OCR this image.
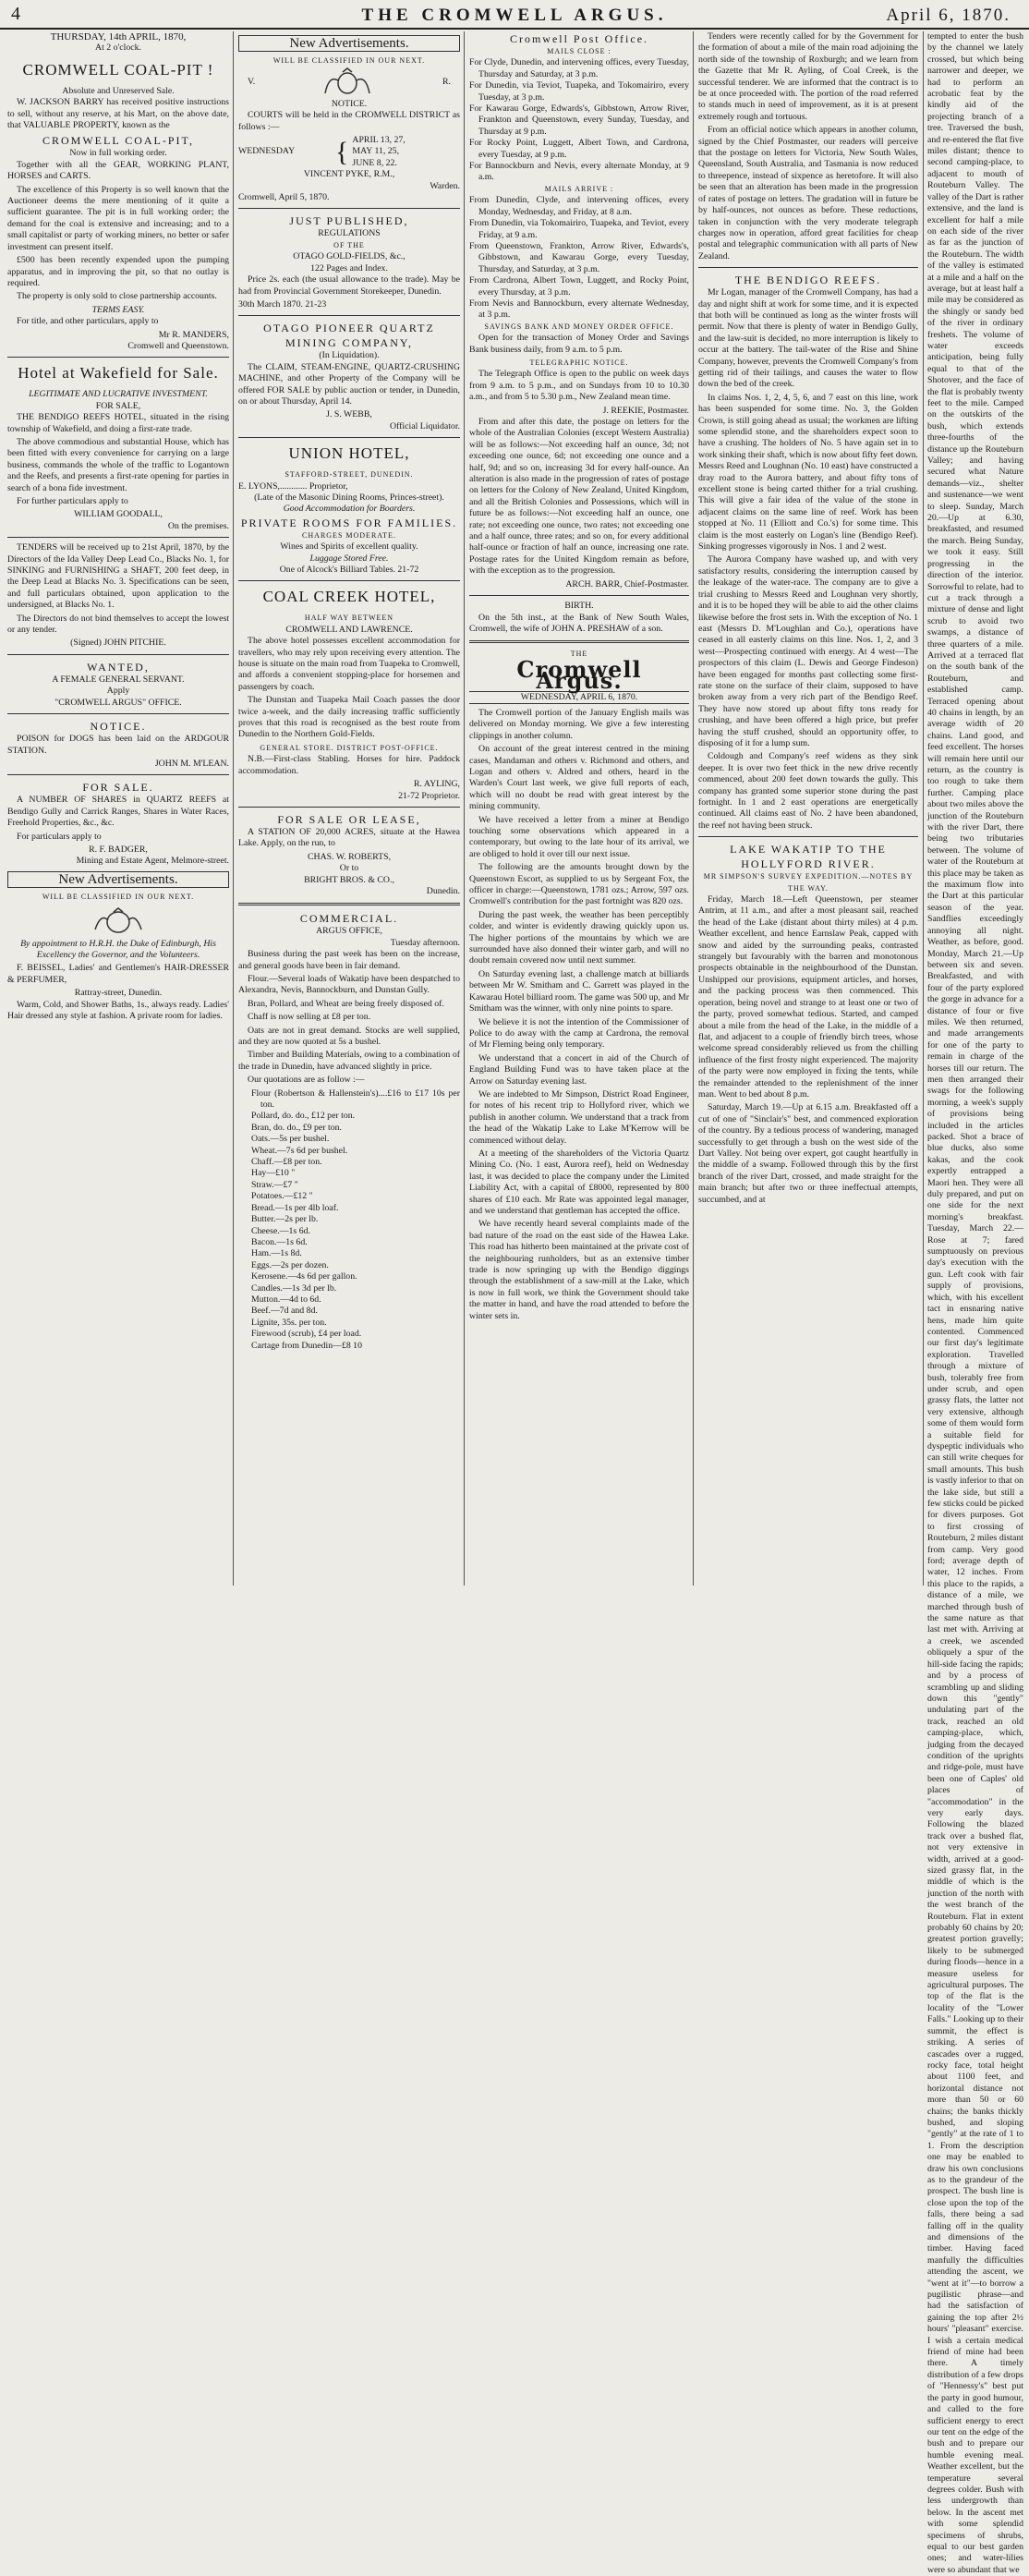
4	THE CROMWELL ARGUS.	April 6, 1870.
THURSDAY, 14th APRIL, 1870,
At 2 o'clock.
CROMWELL COAL-PIT !
Absolute and Unreserved Sale.

W. JACKSON BARRY has received positive instructions to sell, without any reserve, at his Mart, on the above date, that VALUABLE PROPERTY, known as the

CROMWELL COAL-PIT,
Now in full working order.

Together with all the GEAR, WORKING PLANT, HORSES and CARTS.

The excellence of this Property is so well known that the Auctioneer deems the mere mentioning of it quite a sufficient guarantee. The pit is in full working order; the demand for the coal is extensive and increasing; and to a small capitalist or party of working miners, no better or safer investment can present itself.

£500 has been recently expended upon the pumping apparatus, and in improving the pit, so that no outlay is required.

The property is only sold to close partnership accounts.

TERMS EASY.

For title, and other particulars, apply to

Mr R. MANDERS,
Cromwell and Queenstown.
Hotel at Wakefield for Sale.
LEGITIMATE AND LUCRATIVE INVESTMENT.
FOR SALE,

THE BENDIGO REEFS HOTEL, situated in the rising township of Wakefield, and doing a first-rate trade.

The above commodious and substantial House, which has been fitted with every convenience for carrying on a large business, commands the whole of the traffic to Logantown and the Reefs, and presents a first-rate opening for parties in search of a bona fide investment.

For further particulars apply to

WILLIAM GOODALL,
On the premises.

TENDERS will be received up to 21st April, 1870, by the Directors of the Ida Valley Deep Lead Co., Blacks No. 1, for SINKING and FURNISHING a SHAFT, 200 feet deep, in the Deep Lead at Blacks No. 3. Specifications can be seen, and full particulars obtained, upon application to the undersigned, at Blacks No. 1.

The Directors do not bind themselves to accept the lowest or any tender.

(Signed) JOHN PITCHIE.
WANTED,
A FEMALE GENERAL SERVANT.
Apply
"CROMWELL ARGUS" OFFICE.
NOTICE.

POISON for DOGS has been laid on the ARDGOUR STATION.

JOHN M. M'LEAN.
FOR SALE.

A NUMBER OF SHARES in QUARTZ REEFS at Bendigo Gully and Carrick Ranges, Shares in Water Races, Freehold Properties, &c., &c.

For particulars apply to

R. F. BADGER,
Mining and Estate Agent, Melmore-street.
New Advertisements.
WILL BE CLASSIFIED IN OUR NEXT.

By appointment to H.R.H. the Duke of Edinburgh, His Excellency the Governor, and the Volunteers.

F. BEISSEL, Ladies' and Gentlemen's HAIR-DRESSER & PERFUMER,

Rattray-street, Dunedin.

Warm, Cold, and Shower Baths, 1s., always ready. Ladies' Hair dressed any style at fashion. A private room for ladies.

New Advertisements.
WILL BE CLASSIFIED IN OUR NEXT.
V.	R.
NOTICE.

COURTS will be held in the CROMWELL DISTRICT as follows :—

WEDNESDAY	{ APRIL 13, 27,
MAY 11, 25,
JUNE 8, 22.
VINCENT PYKE, R.M.,
Warden.
Cromwell, April 5, 1870.
JUST PUBLISHED,
REGULATIONS
OF THE
OTAGO GOLD-FIELDS, &c.,
122 Pages and Index.

Price 2s. each (the usual allowance to the trade). May be had from Provincial Government Storekeeper, Dunedin.

30th March 1870. 21-23
OTAGO PIONEER QUARTZ MINING COMPANY,
(In Liquidation).

The CLAIM, STEAM-ENGINE, QUARTZ-CRUSHING MACHINE, and other Property of the Company will be offered FOR SALE by public auction or tender, in Dunedin, on or about Thursday, April 14.

J. S. WEBB,
Official Liquidator.
UNION HOTEL,
STAFFORD-STREET, DUNEDIN.
E. LYONS,............ Proprietor,
(Late of the Masonic Dining Rooms, Princes-street).
Good Accommodation for Boarders.
PRIVATE ROOMS FOR FAMILIES.
CHARGES MODERATE.
Wines and Spirits of excellent quality.
Luggage Stored Free.
One of Alcock's Billiard Tables. 21-72
COAL CREEK HOTEL,
HALF WAY BETWEEN
CROMWELL AND LAWRENCE.

The above hotel possesses excellent accommodation for travellers, who may rely upon receiving every attention. The house is situate on the main road from Tuapeka to Cromwell, and affords a convenient stopping-place for horsemen and passengers by coach.

The Dunstan and Tuapeka Mail Coach passes the door twice a-week, and the daily increasing traffic sufficiently proves that this road is recognised as the best route from Dunedin to the Northern Gold-Fields.

GENERAL STORE. DISTRICT POST-OFFICE.

N.B.—First-class Stabling. Horses for hire. Paddock accommodation.

R. AYLING,
21-72 Proprietor.
FOR SALE OR LEASE,

A STATION OF 20,000 ACRES, situate at the Hawea Lake. Apply, on the run, to

CHAS. W. ROBERTS,
Or to
BRIGHT BROS. & CO.,
Dunedin.
COMMERCIAL.
ARGUS OFFICE,
Tuesday afternoon.

Business during the past week has been on the increase, and general goods have been in fair demand.

Flour.—Several loads of Wakatip have been despatched to Alexandra, Nevis, Bannockburn, and Dunstan Gully.

Bran, Pollard, and Wheat are being freely disposed of.

Chaff is now selling at £8 per ton.

Oats are not in great demand. Stocks are well supplied, and they are now quoted at 5s a bushel.

Timber and Building Materials, owing to a combination of the trade in Dunedin, have advanced slightly in price.

Our quotations are as follow :—

Flour (Robertson & Hallenstein's)....£16 to £17 10s per ton.
Pollard, do. do., £12 per ton.
Bran, do. do., £9 per ton.
Oats.—5s per bushel.
Wheat.—7s 6d per bushel.
Chaff.—£8 per ton.
Hay—£10 "
Straw.—£7 "
Potatoes.—£12 "
Bread.—1s per 4lb loaf.
Butter.—2s per lb.
Cheese.—1s 6d.
Bacon.—1s 6d.
Ham.—1s 8d.
Eggs.—2s per dozen.
Kerosene.—4s 6d per gallon.
Candles.—1s 3d per lb.
Mutton.—4d to 6d.
Beef.—7d and 8d.
Lignite, 35s. per ton.
Firewood (scrub), £4 per load.
Cartage from Dunedin—£8 10
Cromwell Post Office.
MAILS CLOSE :
For Clyde, Dunedin, and intervening offices, every Tuesday, Thursday and Saturday, at 3 p.m.
For Dunedin, via Teviot, Tuapeka, and Tokomairiro, every Tuesday, at 3 p.m.
For Kawarau Gorge, Edwards's, Gibbstown, Arrow River, Frankton and Queenstown, every Sunday, Tuesday, and Thursday at 9 p.m.
For Rocky Point, Luggett, Albert Town, and Cardrona, every Tuesday, at 9 p.m.
For Bannockburn and Nevis, every alternate Monday, at 9 a.m.
MAILS ARRIVE :
From Dunedin, Clyde, and intervening offices, every Monday, Wednesday, and Friday, at 8 a.m.
From Dunedin, via Tokomairiro, Tuapeka, and Teviot, every Friday, at 9 a.m.
From Queenstown, Frankton, Arrow River, Edwards's, Gibbstown, and Kawarau Gorge, every Tuesday, Thursday, and Saturday, at 3 p.m.
From Cardrona, Albert Town, Luggett, and Rocky Point, every Thursday, at 3 p.m.
From Nevis and Bannockburn, every alternate Wednesday, at 3 p.m.
SAVINGS BANK AND MONEY ORDER OFFICE.

Open for the transaction of Money Order and Savings Bank business daily, from 9 a.m. to 5 p.m.

TELEGRAPHIC NOTICE.

The Telegraph Office is open to the public on week days from 9 a.m. to 5 p.m., and on Sundays from 10 to 10.30 a.m., and from 5 to 5.30 p.m., New Zealand mean time.

J. REEKIE, Postmaster.

From and after this date, the postage on letters for the whole of the Australian Colonies (except Western Australia) will be as follows:—Not exceeding half an ounce, 3d; not exceeding one ounce, 6d; not exceeding one ounce and a half, 9d; and so on, increasing 3d for every half-ounce. An alteration is also made in the progression of rates of postage on letters for the Colony of New Zealand, United Kingdom, and all the British Colonies and Possessions, which will in future be as follows:—Not exceeding half an ounce, one rate; not exceeding one ounce, two rates; not exceeding one and a half ounce, three rates; and so on, for every additional half-ounce or fraction of half an ounce, increasing one rate. Postage rates for the United Kingdom remain as before, with the exception as to the progression.

ARCH. BARR, Chief-Postmaster.
BIRTH.

On the 5th inst., at the Bank of New South Wales, Cromwell, the wife of JOHN A. PRESHAW of a son.

THE
Cromwell Argus.
WEDNESDAY, APRIL 6, 1870.

The Cromwell portion of the January English mails was delivered on Monday morning. We give a few interesting clippings in another column.

On account of the great interest centred in the mining cases, Mandaman and others v. Richmond and others, and Logan and others v. Aldred and others, heard in the Warden's Court last week, we give full reports of each, which will no doubt be read with great interest by the mining community.

We have received a letter from a miner at Bendigo touching some observations which appeared in a contemporary, but owing to the late hour of its arrival, we are obliged to hold it over till our next issue.

The following are the amounts brought down by the Queenstown Escort, as supplied to us by Sergeant Fox, the officer in charge:—Queenstown, 1781 ozs.; Arrow, 597 ozs. Cromwell's contribution for the past fortnight was 820 ozs.

During the past week, the weather has been perceptibly colder, and winter is evidently drawing quickly upon us. The higher portions of the mountains by which we are surrounded have also donned their winter garb, and will no doubt remain covered now until next summer.

On Saturday evening last, a challenge match at billiards between Mr W. Smitham and C. Garrett was played in the Kawarau Hotel billiard room. The game was 500 up, and Mr Smitham was the winner, with only nine points to spare.

We believe it is not the intention of the Commissioner of Police to do away with the camp at Cardrona, the removal of Mr Fleming being only temporary.

We understand that a concert in aid of the Church of England Building Fund was to have taken place at the Arrow on Saturday evening last.

We are indebted to Mr Simpson, District Road Engineer, for notes of his recent trip to Hollyford river, which we publish in another column. We understand that a track from the head of the Wakatip Lake to Lake M'Kerrow will be commenced without delay.

At a meeting of the shareholders of the Victoria Quartz Mining Co. (No. 1 east, Aurora reef), held on Wednesday last, it was decided to place the company under the Limited Liability Act, with a capital of £8000, represented by 800 shares of £10 each. Mr Rate was appointed legal manager, and we understand that gentleman has accepted the office.

We have recently heard several complaints made of the bad nature of the road on the east side of the Hawea Lake. This road has hitherto been maintained at the private cost of the neighbouring runholders, but as an extensive timber trade is now springing up with the Bendigo diggings through the establishment of a saw-mill at the Lake, which is now in full work, we think the Government should take the matter in hand, and have the road attended to before the winter sets in.

Tenders were recently called for by the Government for the formation of about a mile of the main road adjoining the north side of the township of Roxburgh; and we learn from the Gazette that Mr R. Ayling, of Coal Creek, is the successful tenderer. We are informed that the contract is to be at once proceeded with. The portion of the road referred to stands much in need of improvement, as it is at present extremely rough and tortuous.

From an official notice which appears in another column, signed by the Chief Postmaster, our readers will perceive that the postage on letters for Victoria, New South Wales, Queensland, South Australia, and Tasmania is now reduced to threepence, instead of sixpence as heretofore. It will also be seen that an alteration has been made in the progression of rates of postage on letters. The gradation will in future be by half-ounces, not ounces as before. These reductions, taken in conjunction with the very moderate telegraph charges now in operation, afford great facilities for cheap postal and telegraphic communication with all parts of New Zealand.

THE BENDIGO REEFS.

Mr Logan, manager of the Cromwell Company, has had a day and night shift at work for some time, and it is expected that both will be continued as long as the winter frosts will permit. Now that there is plenty of water in Bendigo Gully, and the law-suit is decided, no more interruption is likely to occur at the battery. The tail-water of the Rise and Shine Company, however, prevents the Cromwell Company's from getting rid of their tailings, and causes the water to flow down the bed of the creek.

In claims Nos. 1, 2, 4, 5, 6, and 7 east on this line, work has been suspended for some time. No. 3, the Golden Crown, is still going ahead as usual; the workmen are lifting some splendid stone, and the shareholders expect soon to have a crushing. The holders of No. 5 have again set in to work sinking their shaft, which is now about fifty feet down. Messrs Reed and Loughnan (No. 10 east) have constructed a dray road to the Aurora battery, and about fifty tons of excellent stone is being carted thither for a trial crushing. This will give a fair idea of the value of the stone in adjacent claims on the same line of reef. Work has been stopped at No. 11 (Elliott and Co.'s) for some time. This claim is the most easterly on Logan's line (Bendigo Reef). Sinking progresses vigorously in Nos. 1 and 2 west.

The Aurora Company have washed up, and with very satisfactory results, considering the interruption caused by the leakage of the water-race. The company are to give a trial crushing to Messrs Reed and Loughnan very shortly, and it is to be hoped they will be able to aid the other claims likewise before the frost sets in. With the exception of No. 1 east (Messrs D. M'Loughlan and Co.), operations have ceased in all easterly claims on this line. Nos. 1, 2, and 3 west—Prospecting continued with energy. At 4 west—The prospectors of this claim (L. Dewis and George Findeson) have been engaged for months past collecting some first-rate stone on the surface of their claim, supposed to have broken away from a very rich part of the Bendigo Reef. They have now stored up about fifty tons ready for crushing, and have been offered a high price, but prefer having the stuff crushed, should an opportunity offer, to disposing of it for a lump sum.

Coldough and Company's reef widens as they sink deeper. It is over two feet thick in the new drive recently commenced, about 200 feet down towards the gully. This company has granted some superior stone during the past fortnight. In 1 and 2 east operations are energetically continued. All claims east of No. 2 have been abandoned, the reef not having been struck.

LAKE WAKATIP TO THE HOLLYFORD RIVER.
MR SIMPSON'S SURVEY EXPEDITION.—NOTES BY THE WAY.

Friday, March 18.—Left Queenstown, per steamer Antrim, at 11 a.m., and after a most pleasant sail, reached the head of the Lake (distant about thirty miles) at 4 p.m. Weather excellent, and hence Earnslaw Peak, capped with snow and aided by the surrounding peaks, contrasted strangely but favourably with the barren and monotonous prospects obtainable in the neighbourhood of the Dunstan. Unshipped our provisions, equipment articles, and horses, and the packing process was then commenced. This operation, being novel and strange to at least one or two of the party, proved somewhat tedious. Started, and camped about a mile from the head of the Lake, in the middle of a flat, and adjacent to a couple of friendly birch trees, whose welcome spread considerably relieved us from the chilling influence of the first frosty night experienced. The majority of the party were now employed in fixing the tents, while the remainder attended to the replenishment of the inner man. Went to bed about 8 p.m.

Saturday, March 19.—Up at 6.15 a.m. Breakfasted off a cut of one of "Sinclair's" best, and commenced exploration of the country. By a tedious process of wandering, managed successfully to get through a bush on the west side of the Dart Valley. Not being over expert, got caught heartfully in the middle of a swamp. Followed through this by the first branch of the river Dart, crossed, and made straight for the main branch; but after two or three ineffectual attempts, succumbed, and at

tempted to enter the bush by the channel we lately crossed, but which being narrower and deeper, we had to perform an acrobatic feat by the kindly aid of the projecting branch of a tree. Traversed the bush, and re-entered the flat five miles distant; thence to second camping-place, to adjacent to mouth of Routeburn Valley. The valley of the Dart is rather extensive, and the land is excellent for half a mile on each side of the river as far as the junction of the Routeburn. The width of the valley is estimated at a mile and a half on the average, but at least half a mile may be considered as the shingly or sandy bed of the river in ordinary freshets. The volume of water exceeds anticipation, being fully equal to that of the Shotover, and the face of the flat is probably twenty feet to the mile. Camped on the outskirts of the bush, which extends three-fourths of the distance up the Routeburn Valley; and having secured what Nature demands—viz., shelter and sustenance—we went to sleep. Sunday, March 20.—Up at 6.30, breakfasted, and resumed the march. Being Sunday, we took it easy. Still progressing in the direction of the interior. Sorrowful to relate, had to cut a track through a mixture of dense and light scrub to avoid two swamps, a distance of three quarters of a mile. Arrived at a terraced flat on the south bank of the Routeburn, and established camp. Terraced opening about 40 chains in length, by an average width of 20 chains. Land good, and feed excellent. The horses will remain here until our return, as the country is too rough to take them further. Camping place about two miles above the junction of the Routeburn with the river Dart, there being two tributaries between. The volume of water of the Routeburn at this place may be taken as the maximum flow into the Dart at this particular season of the year. Sandflies exceedingly annoying all night. Weather, as before, good. Monday, March 21.—Up between six and seven. Breakfasted, and with four of the party explored the gorge in advance for a distance of four or five miles. We then returned, and made arrangements for one of the party to remain in charge of the horses till our return. The men then arranged their swags for the following morning, a week's supply of provisions being included in the articles packed. Shot a brace of blue ducks, also some kakas, and the cook expertly entrapped a Maori hen. They were all duly prepared, and put on one side for the next morning's breakfast. Tuesday, March 22.—Rose at 7; fared sumptuously on previous day's execution with the gun. Left cook with fair supply of provisions, which, with his excellent tact in ensnaring native hens, made him quite contented. Commenced our first day's legitimate exploration. Travelled through a mixture of bush, tolerably free from under scrub, and open grassy flats, the latter not very extensive, although some of them would form a suitable field for dyspeptic individuals who can still write cheques for small amounts. This bush is vastly inferior to that on the lake side, but still a few sticks could be picked for divers purposes. Got to first crossing of Routeburn, 2 miles distant from camp. Very good ford; average depth of water, 12 inches. From this place to the rapids, a distance of a mile, we marched through bush of the same nature as that last met with. Arriving at a creek, we ascended obliquely a spur of the hill-side facing the rapids; and by a process of scrambling up and sliding down this "gently" undulating part of the track, reached an old camping-place, which, judging from the decayed condition of the uprights and ridge-pole, must have been one of Caples' old places of "accommodation" in the very early days. Following the blazed track over a bushed flat, not very extensive in width, arrived at a good-sized grassy flat, in the middle of which is the junction of the north with the west branch of the Routeburn. Flat in extent probably 60 chains by 20; greatest portion gravelly; likely to be submerged during floods—hence in a measure useless for agricultural purposes. The top of the flat is the locality of the "Lower Falls." Looking up to their summit, the effect is striking. A series of cascades over a rugged, rocky face, total height about 1100 feet, and horizontal distance not more than 50 or 60 chains; the banks thickly bushed, and sloping "gently" at the rate of 1 to 1. From the description one may be enabled to draw his own conclusions as to the grandeur of the prospect. The bush line is close upon the top of the falls, there being a sad falling off in the quality and dimensions of the timber. Having faced manfully the difficulties attending the ascent, we "went at it"—to borrow a pugilistic phrase—and had the satisfaction of gaining the top after 2½ hours' "pleasant" exercise. I wish a certain medical friend of mine had been there. A timely distribution of a few drops of "Hennessy's" best put the party in good humour, and called to the fore sufficient energy to erect our tent on the edge of the bush and to prepare our humble evening meal. Weather excellent, but the temperature several degrees colder. Bush with less undergrowth than below. In the ascent met with some splendid specimens of shrubs, equal to our best garden ones; and water-lilies were so abundant that we
